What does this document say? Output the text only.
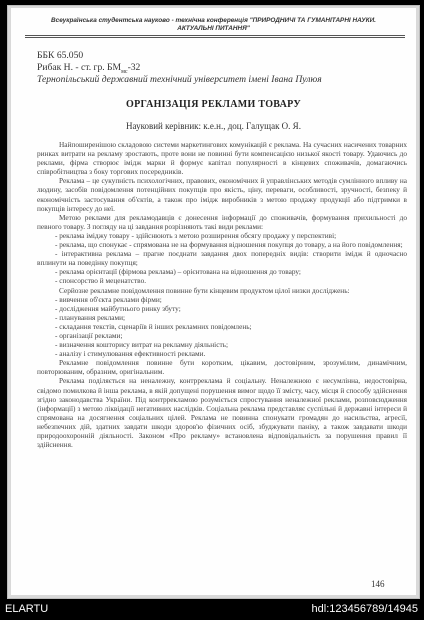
Всеукраїнська студентська науково - технічна конференція "ПРИРОДНИЧІ ТА ГУМАНІТАРНІ НАУКИ.
АКТУАЛЬНІ ПИТАННЯ"
ББК 65.050
Рибак Н. - ст. гр. $БМ_{мс}-32$
Тернопільський державний технічний університет імені Івана Пулюя
ОРГАНІЗАЦІЯ РЕКЛАМИ ТОВАРУ
Науковий керівник: к.е.н., доц. Галущак О. Я.

Найпоширенішою складовою системи маркетингових комунікацій є реклама. На сучасних насичених товарних ринках витрати на рекламу зростають, проте вони не повинні бути компенсацією низької якості товару. Удаючись до реклами, фірма створює імідж марки й формує капітал популярності в кінцевих споживачів, домагаючись співробітництва з боку торгових посередників.

Реклама – це сукупність психологічних, правових, економічних й управлінських методів сумлінного впливу на людину, засобів повідомлення потенційних покупців про якість, ціну, переваги, особливості, зручності, безпеку й економічність застосування об'єктів, а також про імідж виробників з метою продажу продукції або підтримки в покупців інтересу до неї.

Метою реклами для рекламодавців є донесення інформації до споживачів, формування прихильності до певного товару. З погляду на ці завдання розрізняють такі види реклами:

- реклама іміджу товару - здійснюють з метою розширення обсягу продажу у перспективі;

- реклама, що спонукає - спрямована не на формування відношення покупця до товару, а на його повідомлення;

- інтерактивна реклама – прагне поєднати завдання двох попередніх видів: створити імідж й одночасно вплинути на поведінку покупця;

- реклама орієнтації (фірмова реклама) – орієнтована на відношення до товару;

- спонсорство й меценатство.

Серйозне рекламне повідомлення повинне бути кінцевим продуктом цілої низки досліджень:

- вивчення об'єкта реклами фірми;

- дослідження майбутнього ринку збуту;

- планування реклами;

- складання текстів, сценаріїв й інших рекламних повідомлень;

- організації реклами;

- визначення кошторису витрат на рекламну діяльність;

- аналізу і стимулювання ефективності реклами.

Рекламне повідомлення повинне бути коротким, цікавим, достовірним, зрозумілим, динамічним, повторюваним, образним, оригінальним.

Реклама поділяється на неналежну, контрреклама й соціальну. Неналежною є несумлінна, недостовірна, свідомо помилкова й інша реклама, в якій допущені порушення вимог щодо її змісту, часу, місця й способу здійснення згідно законодавства України. Під контррекламою розуміється спростування неналежної реклами, розповсюдження (інформації) з метою ліквідації негативних наслідків. Соціальна реклама представляє суспільні й державні інтереси й спрямована на досягнення соціальних цілей. Реклама не повинна спонукати громадян до насильства, агресії, небезпечних дій, здатних завдати шкоди здоров'ю фізичних осіб, збуджувати паніку, а також завдавати шкоди природоохоронній діяльності. Законом «Про рекламу» встановлена відповідальність за порушення правил її здійснення.

146
ELARTU	hdl:123456789/14945
